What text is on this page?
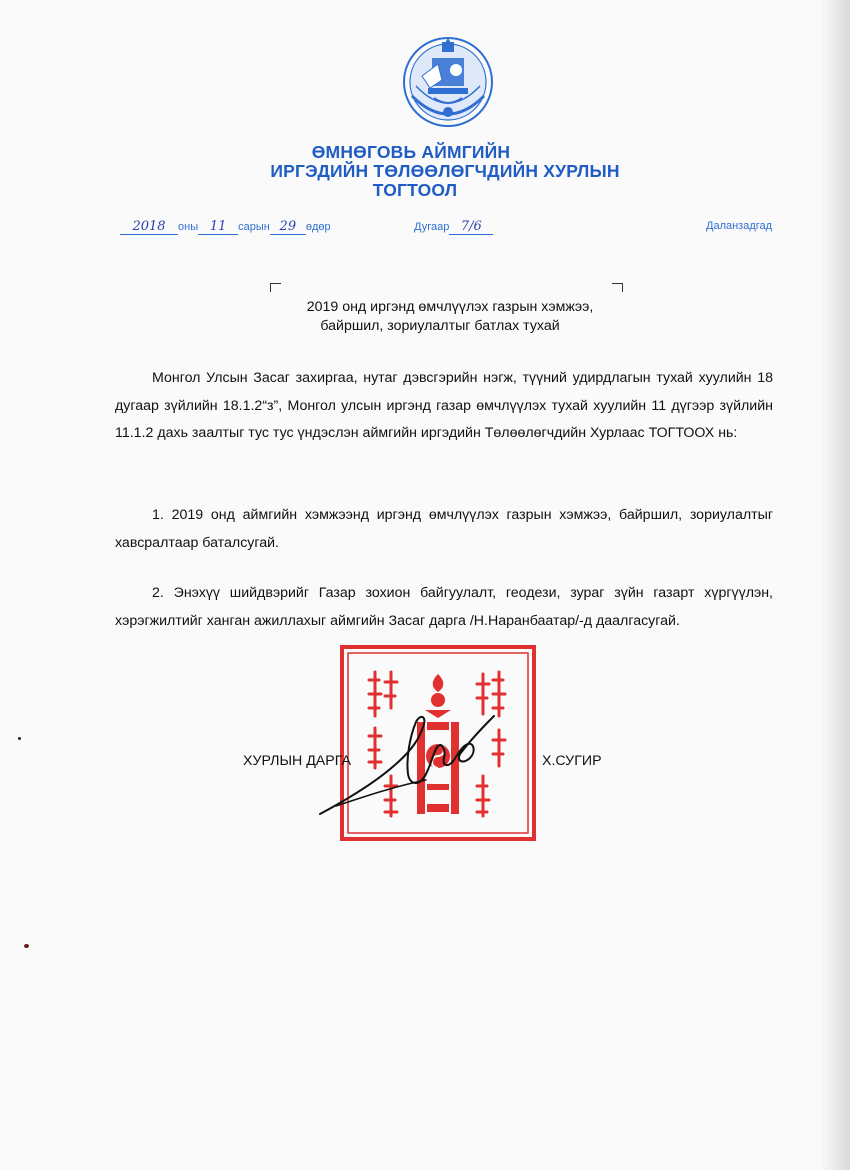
ӨМНӨГОВЬ АЙМГИЙН
ИРГЭДИЙН ТӨЛӨӨЛӨГЧДИЙН ХУРЛЫН
ТОГТООЛ
2018 оны 11 сарын 29 өдөр	Дугаар 7/6	Даланзадгад
2019 онд иргэнд өмчлүүлэх газрын хэмжээ,
байршил, зориулалтыг батлах тухай
Монгол Улсын Засаг захиргаа, нутаг дэвсгэрийн нэгж, түүний удирдлагын тухай хуулийн 18 дугаар зүйлийн 18.1.2“з”, Монгол улсын иргэнд газар өмчлүүлэх тухай хуулийн 11 дүгээр зүйлийн 11.1.2 дахь заалтыг тус тус үндэслэн аймгийн иргэдийн Төлөөлөгчдийн Хурлаас ТОГТООХ нь:
1. 2019 онд аймгийн хэмжээнд иргэнд өмчлүүлэх газрын хэмжээ, байршил, зориулалтыг хавсралтаар баталсугай.
2. Энэхүү шийдвэрийг Газар зохион байгуулалт, геодези, зураг зүйн газарт хүргүүлэн, хэрэгжилтийг ханган ажиллахыг аймгийн Засаг дарга /Н.Наранбаатар/-д даалгасугай.
ХУРЛЫН ДАРГА	Х.СУГИР
